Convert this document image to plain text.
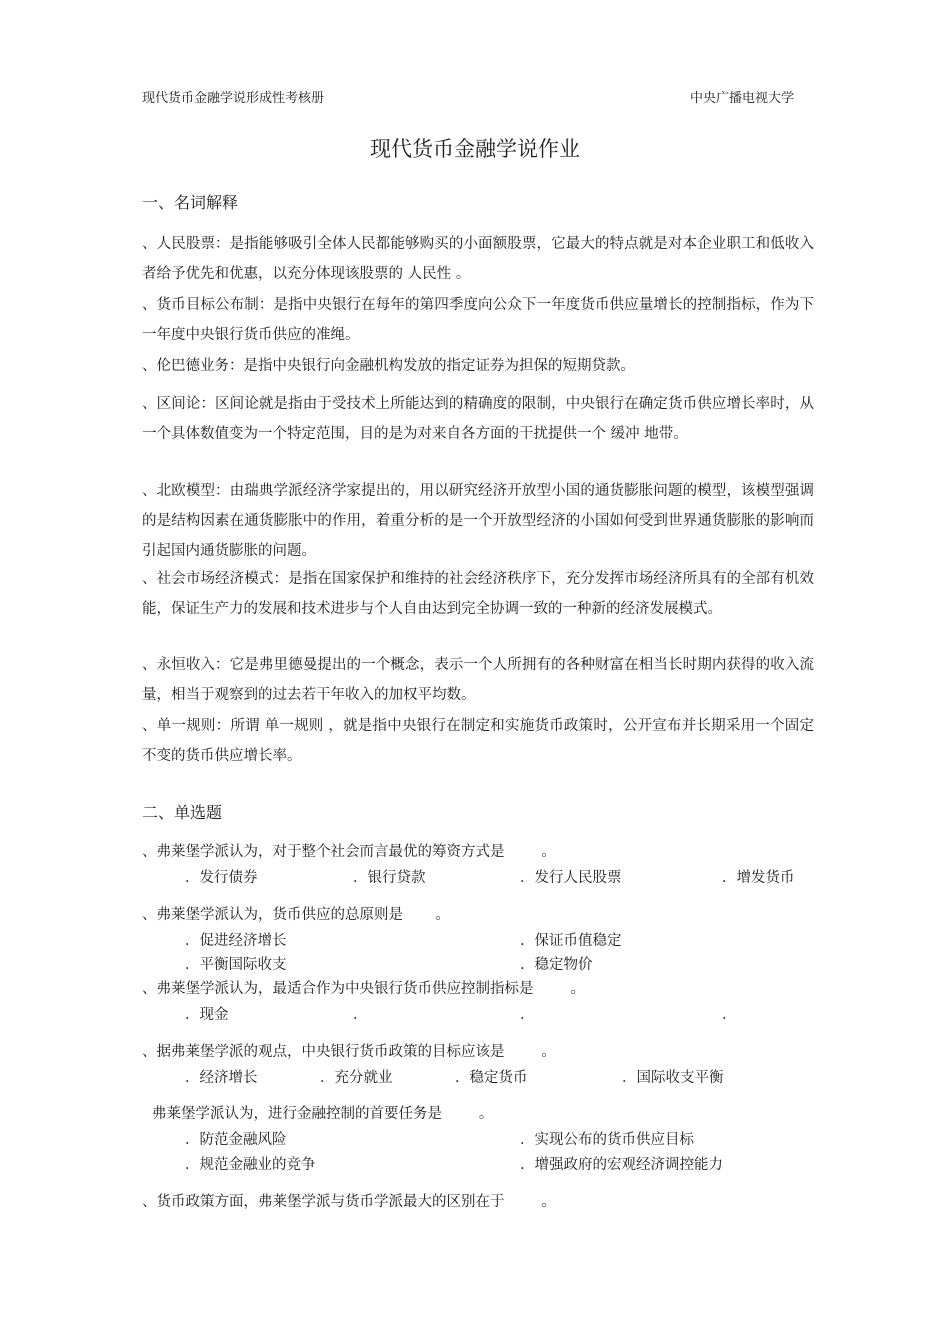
现代货币金融学说形成性考核册	中央广播电视大学
现代货币金融学说作业
一、名词解释
、人民股票：是指能够吸引全体人民都能够购买的小面额股票，它最大的特点就是对本企业职工和低收入者给予优先和优惠，以充分体现该股票的 人民性 。
、货币目标公布制：是指中央银行在每年的第四季度向公众下一年度货币供应量增长的控制指标，作为下一年度中央银行货币供应的准绳。
、伦巴德业务：是指中央银行向金融机构发放的指定证券为担保的短期贷款。
、区间论：区间论就是指由于受技术上所能达到的精确度的限制，中央银行在确定货币供应增长率时，从一个具体数值变为一个特定范围，目的是为对来自各方面的干扰提供一个 缓冲 地带。
、北欧模型：由瑞典学派经济学家提出的，用以研究经济开放型小国的通货膨胀问题的模型，该模型强调的是结构因素在通货膨胀中的作用，着重分析的是一个开放型经济的小国如何受到世界通货膨胀的影响而引起国内通货膨胀的问题。
、社会市场经济模式：是指在国家保护和维持的社会经济秩序下，充分发挥市场经济所具有的全部有机效能，保证生产力的发展和技术进步与个人自由达到完全协调一致的一种新的经济发展模式。
、永恒收入：它是弗里德曼提出的一个概念，表示一个人所拥有的各种财富在相当长时期内获得的收入流量，相当于观察到的过去若干年收入的加权平均数。
、单一规则：所谓 单一规则 ，就是指中央银行在制定和实施货币政策时，公开宣布并长期采用一个固定不变的货币供应增长率。
二、单选题
、弗莱堡学派认为，对于整个社会而言最优的筹资方式是        。
．发行债券	．银行贷款	．发行人民股票	．增发货币
、弗莱堡学派认为，货币供应的总原则是       。
．促进经济增长	．保证币值稳定
．平衡国际收支	．稳定物价
、弗莱堡学派认为，最适合作为中央银行货币供应控制指标是        。
．现金	．	．	．
、据弗莱堡学派的观点，中央银行货币政策的目标应该是        。
．经济增长	．充分就业	．稳定货币	．国际收支平衡
弗莱堡学派认为，进行金融控制的首要任务是        。
．防范金融风险	．实现公布的货币供应目标
．规范金融业的竞争	．增强政府的宏观经济调控能力
、货币政策方面，弗莱堡学派与货币学派最大的区别在于        。
